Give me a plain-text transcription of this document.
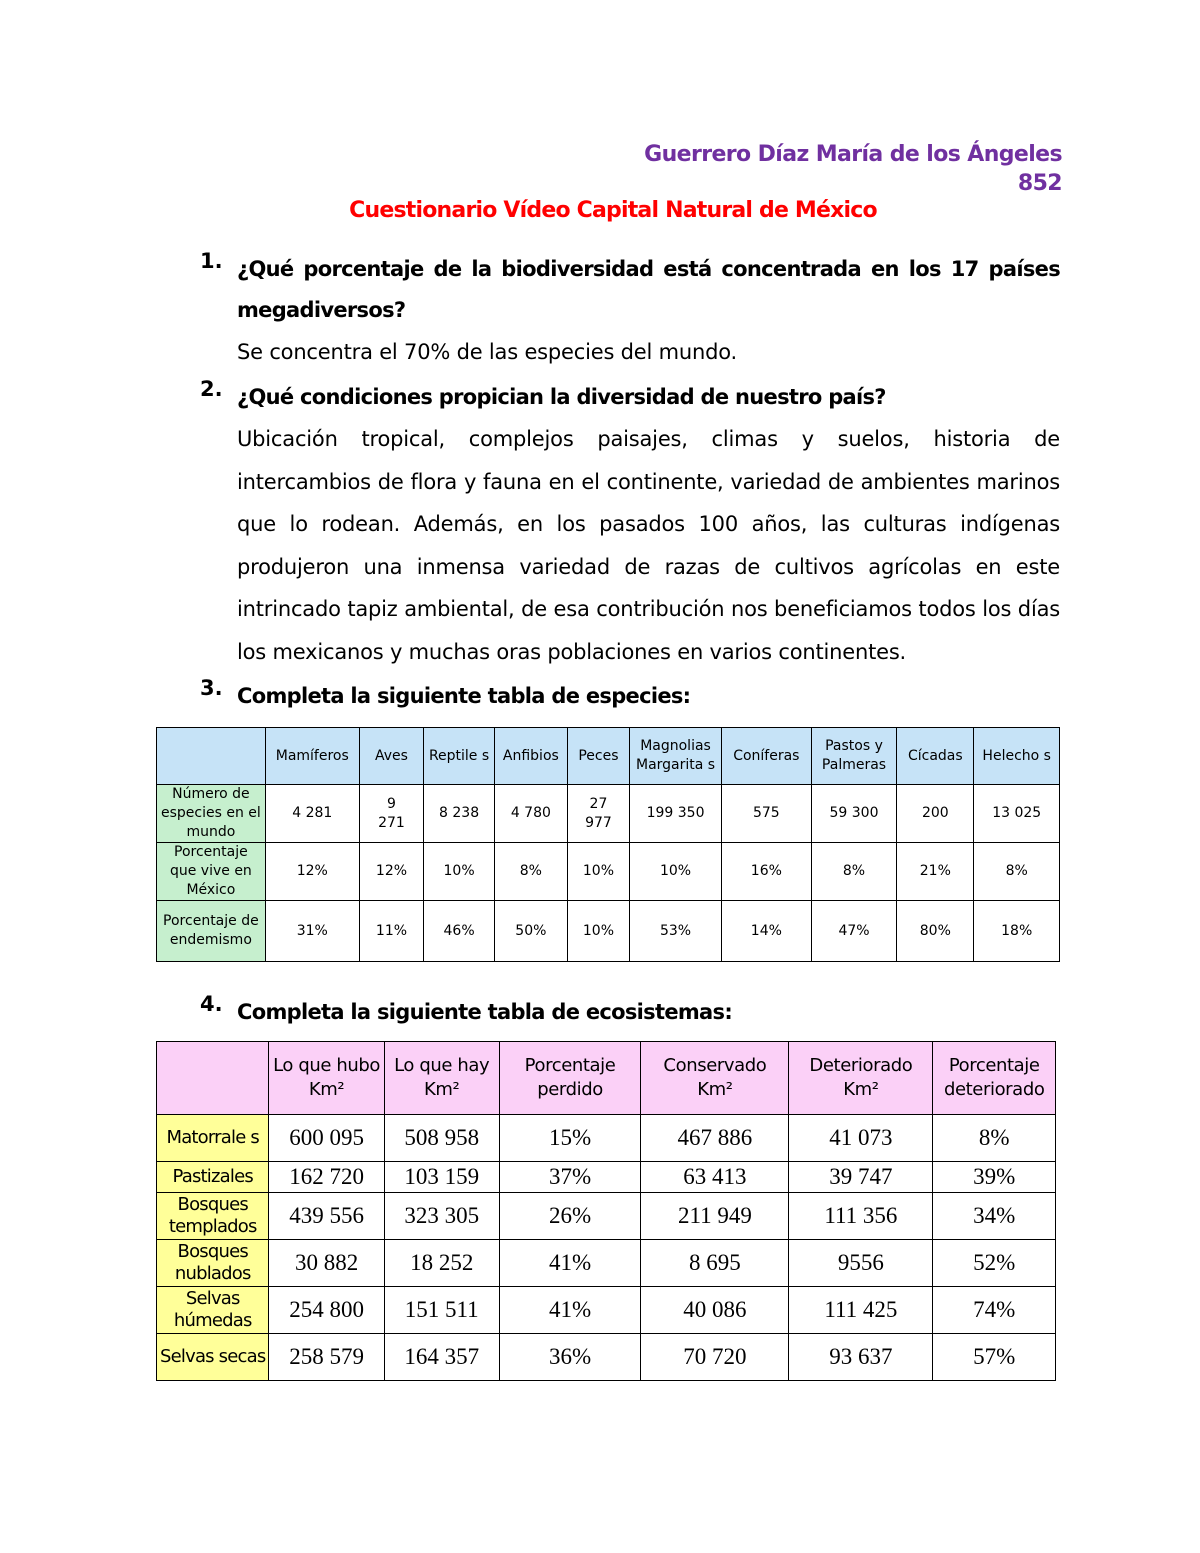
Guerrero Díaz María de los Ángeles
852
Cuestionario Vídeo Capital Natural de México
1. ¿Qué porcentaje de la biodiversidad está concentrada en los 17 países megadiversos?
Se concentra el 70% de las especies del mundo.
2. ¿Qué condiciones propician la diversidad de nuestro país?
Ubicación tropical, complejos paisajes, climas y suelos, historia de intercambios de flora y fauna en el continente, variedad de ambientes marinos que lo rodean. Además, en los pasados 100 años, las culturas indígenas produjeron una inmensa variedad de razas de cultivos agrícolas en este intrincado tapiz ambiental, de esa contribución nos beneficiamos todos los días los mexicanos y muchas oras poblaciones en varios continentes.
3. Completa la siguiente tabla de especies:
	Mamíferos	Aves	Reptile s	Anfibios	Peces	Magnolias Margarita s	Coníferas	Pastos y Palmeras	Cícadas	Helecho s
Número de especies en el mundo	4 281	9 271	8 238	4 780	27 977	199 350	575	59 300	200	13 025
Porcentaje que vive en México	12%	12%	10%	8%	10%	10%	16%	8%	21%	8%
Porcentaje de endemismo	31%	11%	46%	50%	10%	53%	14%	47%	80%	18%
4. Completa la siguiente tabla de ecosistemas:
	Lo que hubo Km²	Lo que hay Km²	Porcentaje perdido	Conservado Km²	Deteriorado Km²	Porcentaje deteriorado
Matorrale s	600 095	508 958	15%	467 886	41 073	8%
Pastizales	162 720	103 159	37%	63 413	39 747	39%
Bosques templados	439 556	323 305	26%	211 949	111 356	34%
Bosques nublados	30 882	18 252	41%	8 695	9556	52%
Selvas húmedas	254 800	151 511	41%	40 086	111 425	74%
Selvas secas	258 579	164 357	36%	70 720	93 637	57%
